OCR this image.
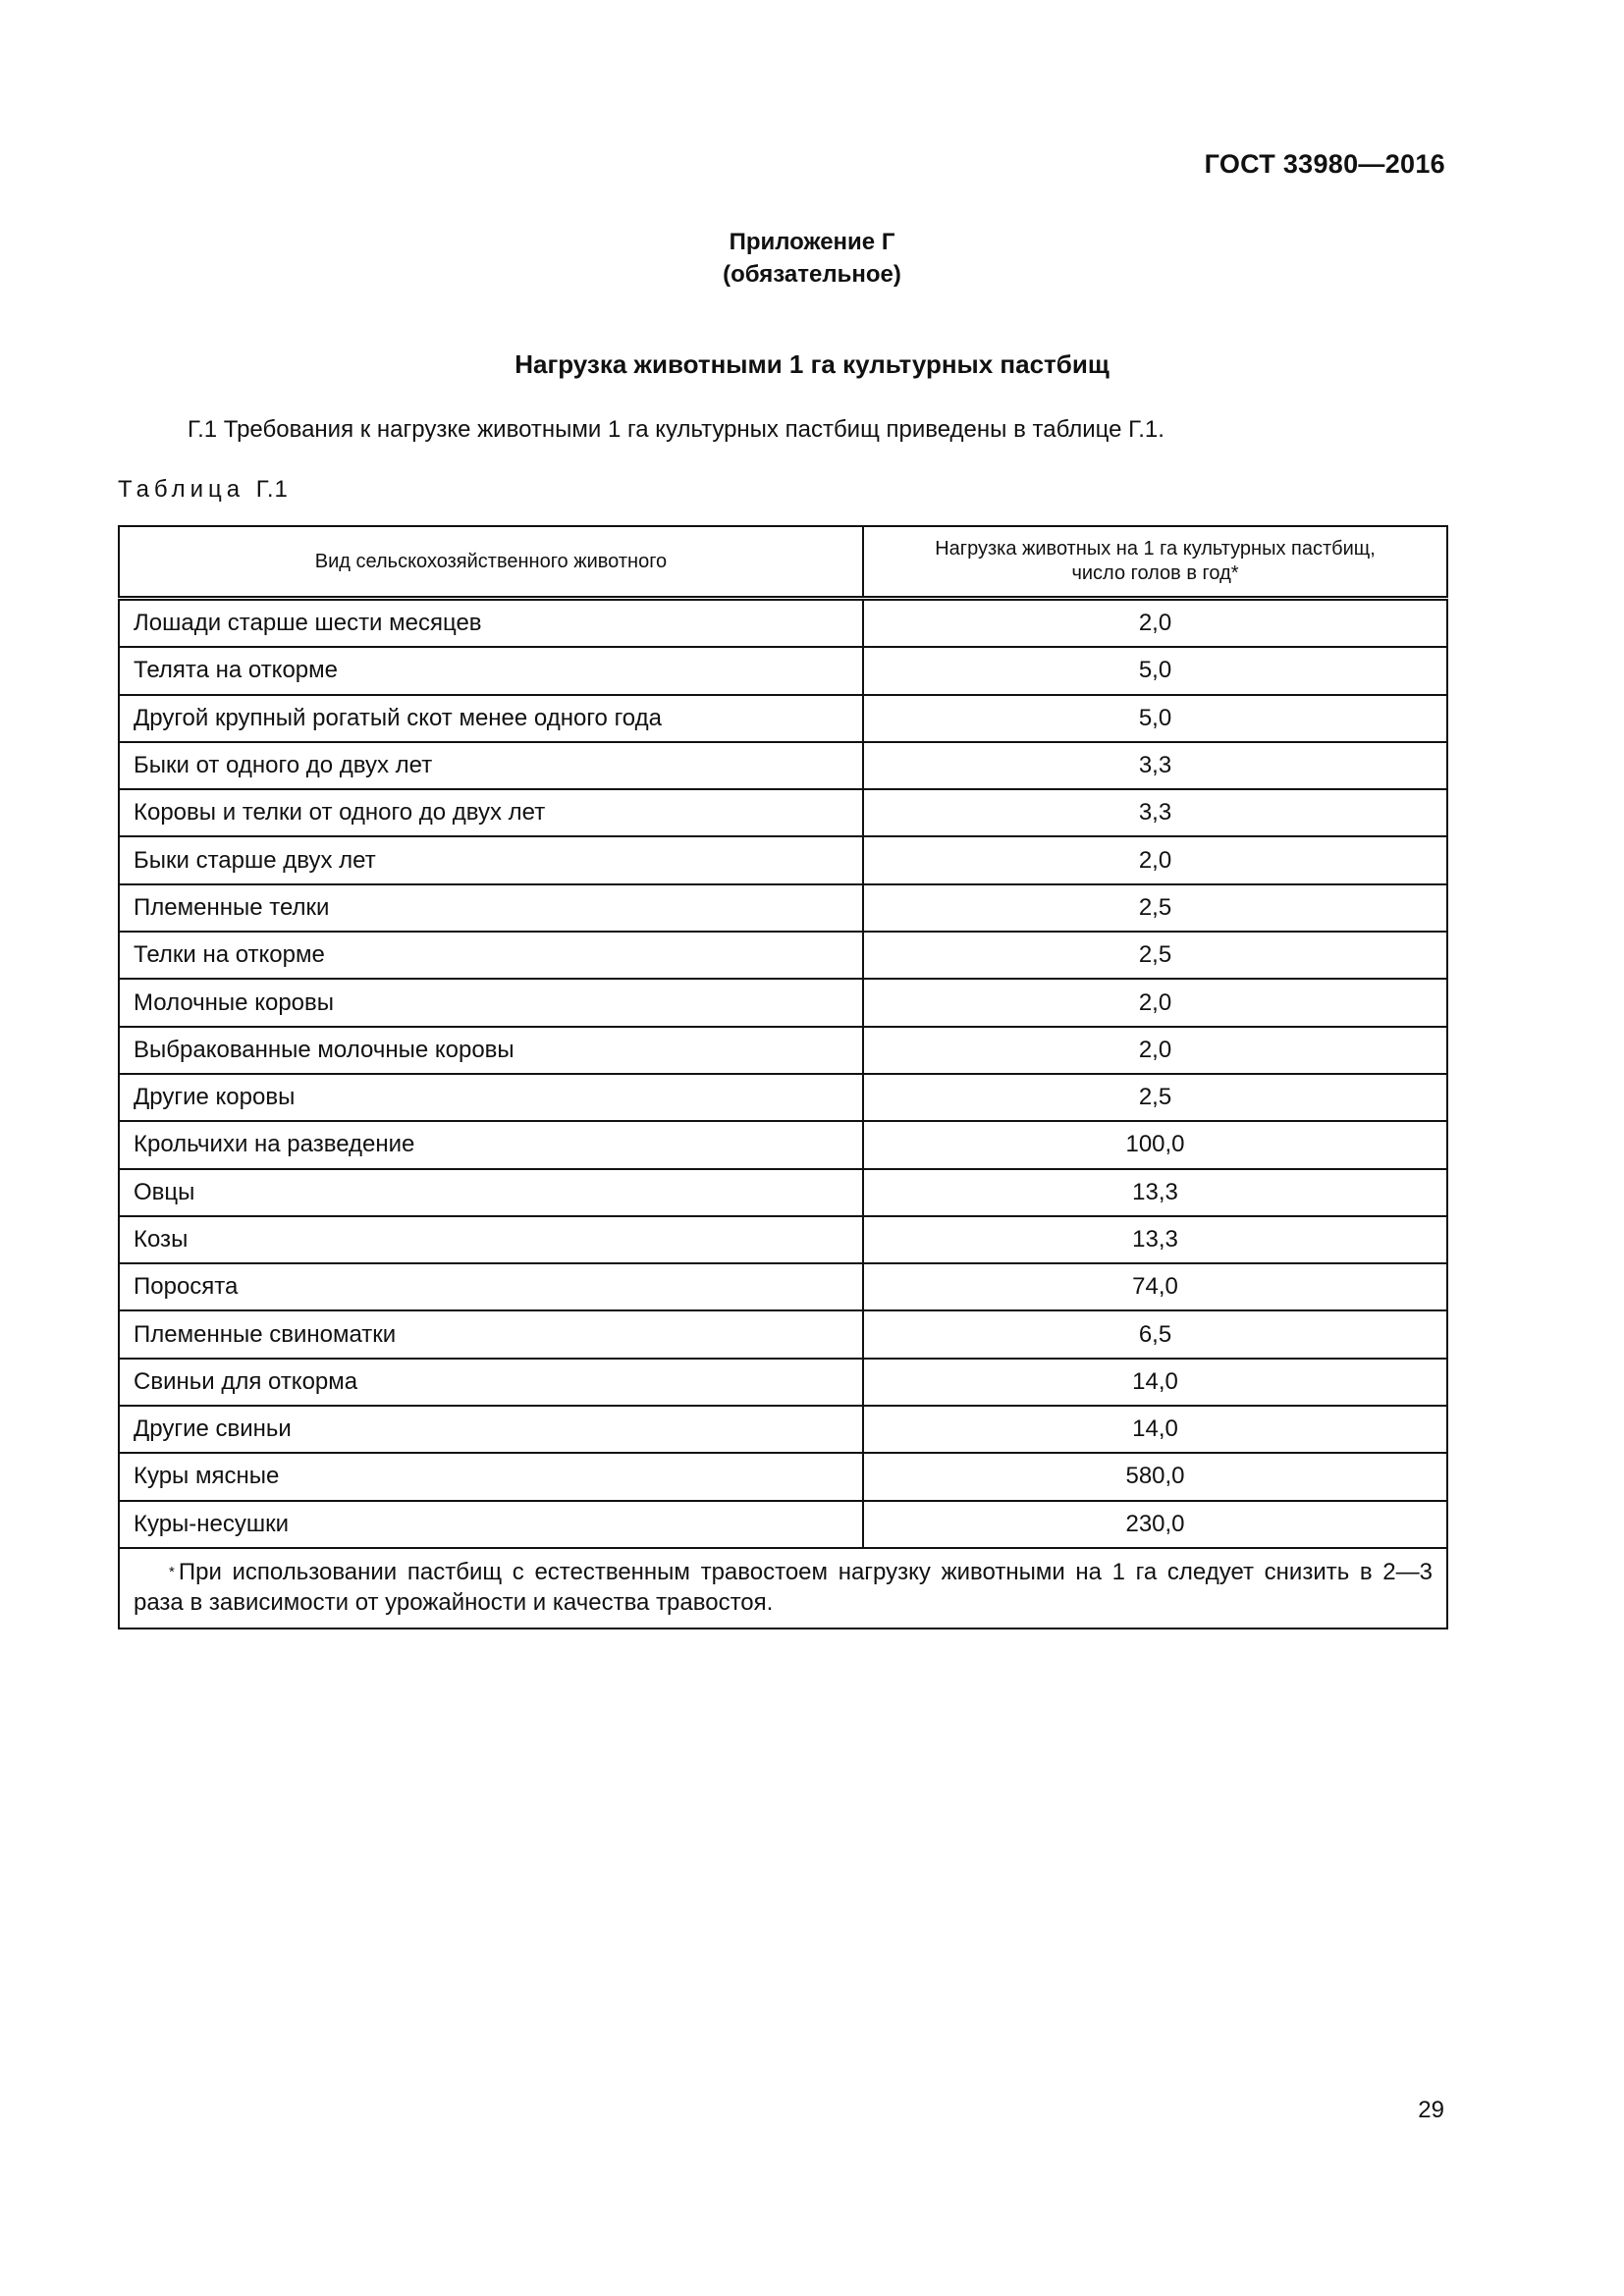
ГОСТ 33980—2016
Приложение Г
(обязательное)
Нагрузка животными 1 га культурных пастбищ
Г.1 Требования к нагрузке животными 1 га культурных пастбищ приведены в таблице Г.1.
Таблица Г.1
Вид сельскохозяйственного животного	Нагрузка животных на 1 га культурных пастбищ,
число голов в год*

Лошади старше шести месяцев	2,0
Телята на откорме	5,0
Другой крупный рогатый скот менее одного года	5,0
Быки от одного до двух лет	3,3
Коровы и телки от одного до двух лет	3,3
Быки старше двух лет	2,0
Племенные телки	2,5
Телки на откорме	2,5
Молочные коровы	2,0
Выбракованные молочные коровы	2,0
Другие коровы	2,5
Крольчихи на разведение	100,0
Овцы	13,3
Козы	13,3
Поросята	74,0
Племенные свиноматки	6,5
Свиньи для откорма	14,0
Другие свиньи	14,0
Куры мясные	580,0
Куры-несушки	230,0
* При использовании пастбищ с естественным травостоем нагрузку животными на 1 га следует снизить в 2—3 раза в зависимости от урожайности и качества травостоя.	
29
